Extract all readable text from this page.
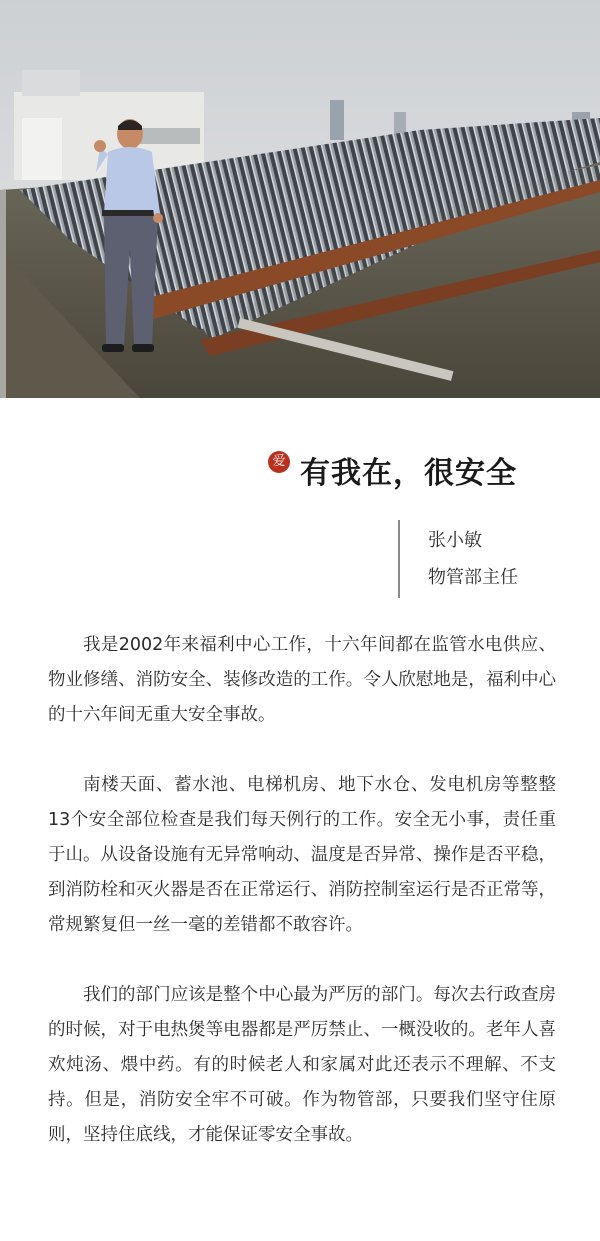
爱 有我在，很安全
张小敏
物管部主任

我是2002年来福利中心工作，十六年间都在监管水电供应、物业修缮、消防安全、装修改造的工作。令人欣慰地是，福利中心的十六年间无重大安全事故。

南楼天面、蓄水池、电梯机房、地下水仓、发电机房等整整13个安全部位检查是我们每天例行的工作。安全无小事，责任重于山。从设备设施有无异常响动、温度是否异常、操作是否平稳，到消防栓和灭火器是否在正常运行、消防控制室运行是否正常等，常规繁复但一丝一毫的差错都不敢容许。

我们的部门应该是整个中心最为严厉的部门。每次去行政查房的时候，对于电热煲等电器都是严厉禁止、一概没收的。老年人喜欢炖汤、煨中药。有的时候老人和家属对此还表示不理解、不支持。但是，消防安全牢不可破。作为物管部，只要我们坚守住原则，坚持住底线，才能保证零安全事故。
